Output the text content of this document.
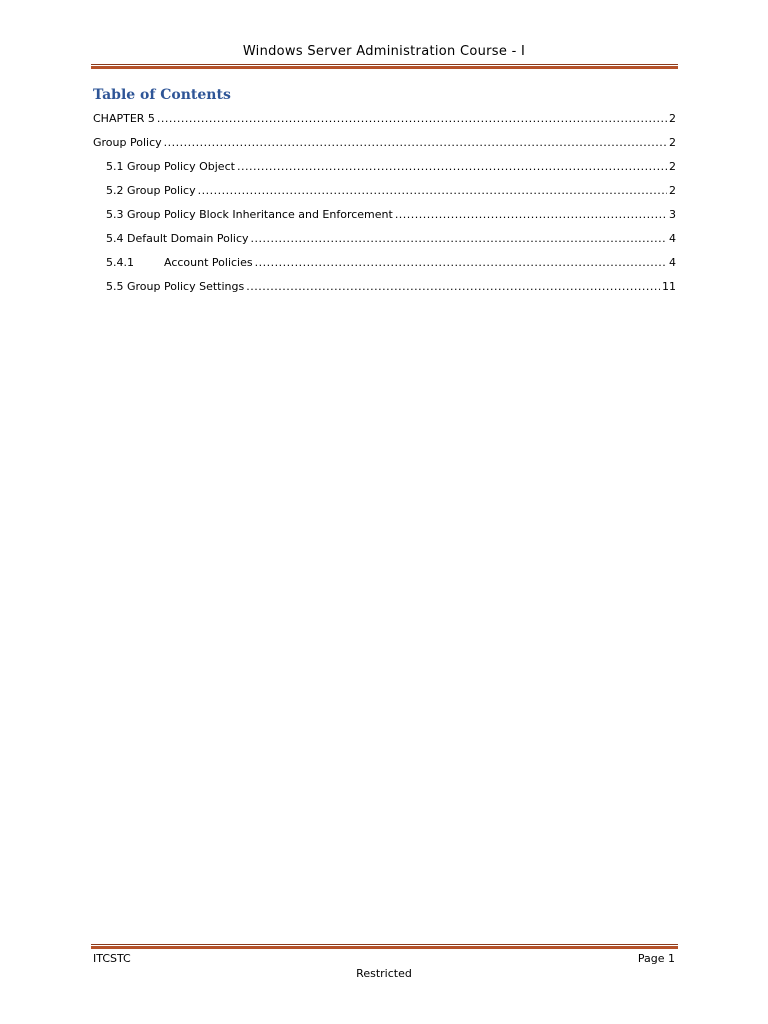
Windows Server Administration Course - I
Table of Contents
CHAPTER 5 .....	2
Group Policy .....	2
5.1 Group Policy Object .....	2
5.2 Group Policy .....	2
5.3 Group Policy Block Inheritance and Enforcement .....	3
5.4 Default Domain Policy .....	4
5.4.1	Account Policies .....	4
5.5 Group Policy Settings .....	11
ITCSTC	Page 1
Restricted
